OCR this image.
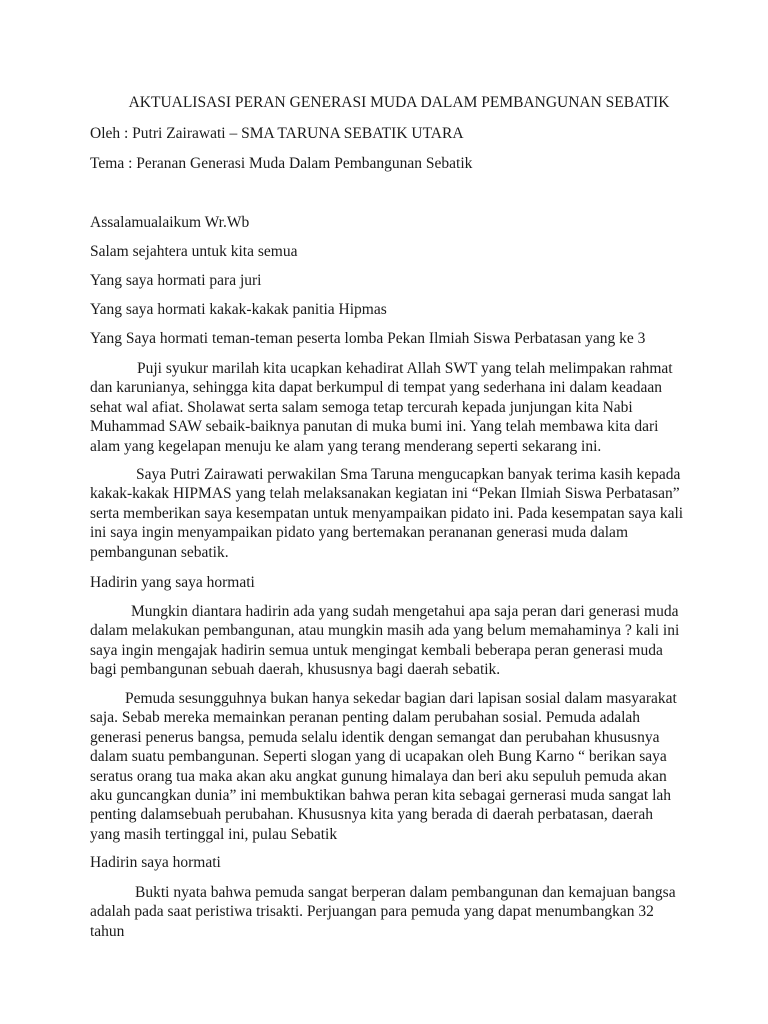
AKTUALISASI PERAN GENERASI MUDA DALAM PEMBANGUNAN SEBATIK
Oleh : Putri Zairawati – SMA TARUNA SEBATIK UTARA
Tema : Peranan Generasi Muda Dalam Pembangunan Sebatik
Assalamualaikum Wr.Wb
Salam sejahtera untuk kita semua
Yang saya hormati para juri
Yang saya hormati kakak-kakak panitia Hipmas
Yang Saya hormati teman-teman peserta lomba Pekan Ilmiah Siswa Perbatasan yang ke 3

Puji syukur marilah kita ucapkan kehadirat Allah SWT yang telah melimpakan rahmat dan karunianya, sehingga kita dapat berkumpul di tempat yang sederhana ini dalam keadaan sehat wal afiat. Sholawat serta salam semoga tetap tercurah kepada junjungan kita Nabi Muhammad SAW sebaik-baiknya panutan di muka bumi ini. Yang telah membawa kita dari alam yang kegelapan menuju ke alam yang terang menderang seperti sekarang ini.

Saya Putri Zairawati perwakilan Sma Taruna mengucapkan banyak terima kasih kepada kakak-kakak HIPMAS yang telah melaksanakan kegiatan ini “Pekan Ilmiah Siswa Perbatasan” serta memberikan saya kesempatan untuk menyampaikan pidato ini. Pada kesempatan saya kali ini saya ingin menyampaikan pidato yang bertemakan perananan generasi muda dalam pembangunan sebatik.

Hadirin yang saya hormati

Mungkin diantara hadirin ada yang sudah mengetahui apa saja peran dari generasi muda dalam melakukan pembangunan, atau mungkin masih ada yang belum memahaminya ? kali ini saya ingin mengajak hadirin semua untuk mengingat kembali beberapa peran generasi muda bagi pembangunan sebuah daerah, khususnya bagi daerah sebatik.

Pemuda sesungguhnya bukan hanya sekedar bagian dari lapisan sosial dalam masyarakat saja. Sebab mereka memainkan peranan penting dalam perubahan sosial. Pemuda adalah generasi penerus bangsa, pemuda selalu identik dengan semangat dan perubahan khususnya dalam suatu pembangunan. Seperti slogan yang di ucapakan oleh Bung Karno “ berikan saya seratus orang tua maka akan aku angkat gunung himalaya dan beri aku sepuluh pemuda akan aku guncangkan dunia” ini membuktikan bahwa peran kita sebagai gernerasi muda sangat lah penting dalamsebuah perubahan. Khususnya kita yang berada di daerah perbatasan, daerah yang masih tertinggal ini, pulau Sebatik

Hadirin saya hormati

Bukti nyata bahwa pemuda sangat berperan dalam pembangunan dan kemajuan bangsa adalah pada saat peristiwa trisakti. Perjuangan para pemuda yang dapat menumbangkan 32 tahun
